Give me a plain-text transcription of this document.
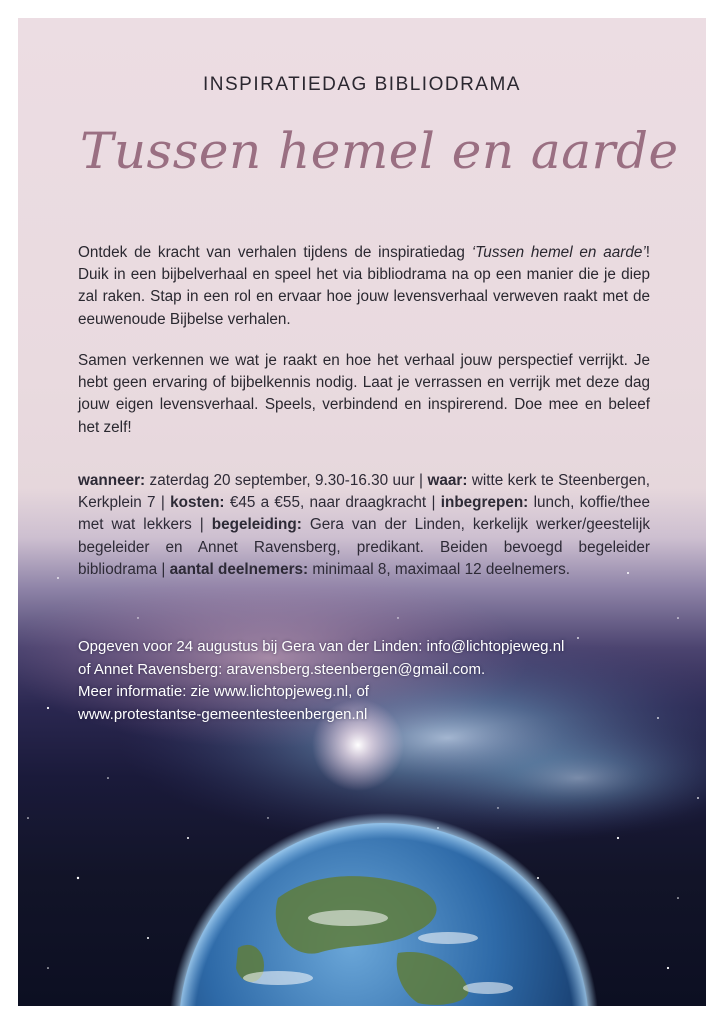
INSPIRATIEDAG BIBLIODRAMA
Tussen hemel en aarde
Ontdek de kracht van verhalen tijdens de inspiratiedag ‘Tussen hemel en aarde’! Duik in een bijbelverhaal en speel het via bibliodrama na op een manier die je diep zal raken. Stap in een rol en ervaar hoe jouw levensverhaal verweven raakt met de eeuwenoude Bijbelse verhalen.
Samen verkennen we wat je raakt en hoe het verhaal jouw perspectief verrijkt. Je hebt geen ervaring of bijbelkennis nodig. Laat je verrassen en verrijk met deze dag jouw eigen levensverhaal. Speels, verbindend en inspirerend. Doe mee en beleef het zelf!
wanneer: zaterdag 20 september, 9.30-16.30 uur | waar: witte kerk te Steenbergen, Kerkplein 7 | kosten: €45 a €55, naar draagkracht | inbegrepen: lunch, koffie/thee met wat lekkers | begeleiding: Gera van der Linden, kerkelijk werker/geestelijk begeleider en Annet Ravensberg, predikant. Beiden bevoegd begeleider bibliodrama | aantal deelnemers: minimaal 8, maximaal 12 deelnemers.
Opgeven voor 24 augustus bij Gera van der Linden: info@lichtopjeweg.nl
of Annet Ravensberg: aravensberg.steenbergen@gmail.com.
Meer informatie: zie www.lichtopjeweg.nl, of
www.protestantse-gemeentesteenbergen.nl
